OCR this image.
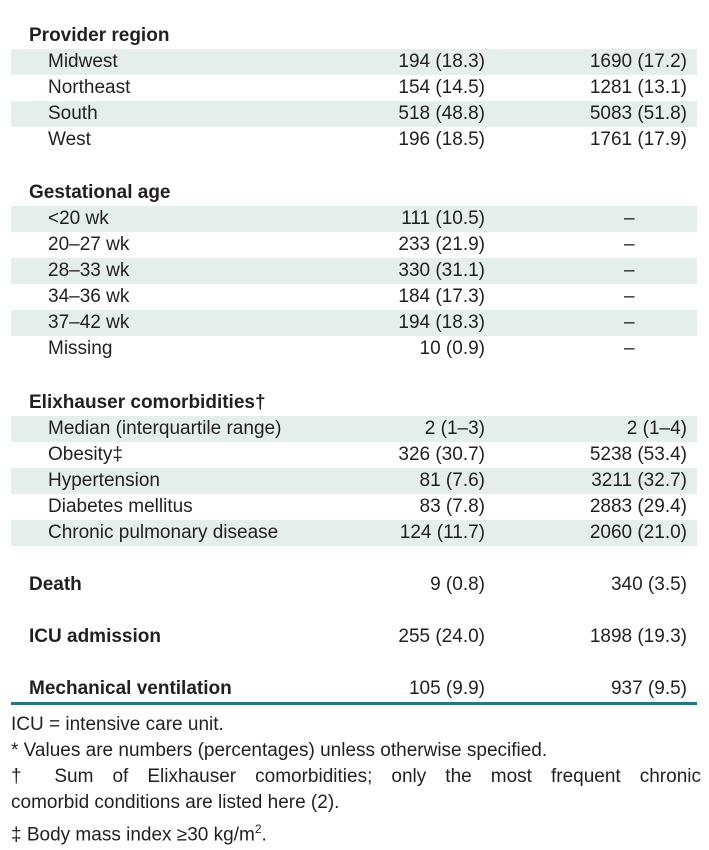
Provider region
Midwest	194 (18.3)	1690 (17.2)
Northeast	154 (14.5)	1281 (13.1)
South	518 (48.8)	5083 (51.8)
West	196 (18.5)	1761 (17.9)
Gestational age
<20 wk	111 (10.5)	–
20–27 wk	233 (21.9)	–
28–33 wk	330 (31.1)	–
34–36 wk	184 (17.3)	–
37–42 wk	194 (18.3)	–
Missing	10 (0.9)	–
Elixhauser comorbidities†
Median (interquartile range)	2 (1–3)	2 (1–4)
Obesity‡	326 (30.7)	5238 (53.4)
Hypertension	81 (7.6)	3211 (32.7)
Diabetes mellitus	83 (7.8)	2883 (29.4)
Chronic pulmonary disease	124 (11.7)	2060 (21.0)
Death	9 (0.8)	340 (3.5)
ICU admission	255 (24.0)	1898 (19.3)
Mechanical ventilation	105 (9.9)	937 (9.5)

ICU = intensive care unit.

* Values are numbers (percentages) unless otherwise specified.

† Sum of Elixhauser comorbidities; only the most frequent chronic

comorbid conditions are listed here (2).

‡ Body mass index ≥30 $kg/m^2$.
